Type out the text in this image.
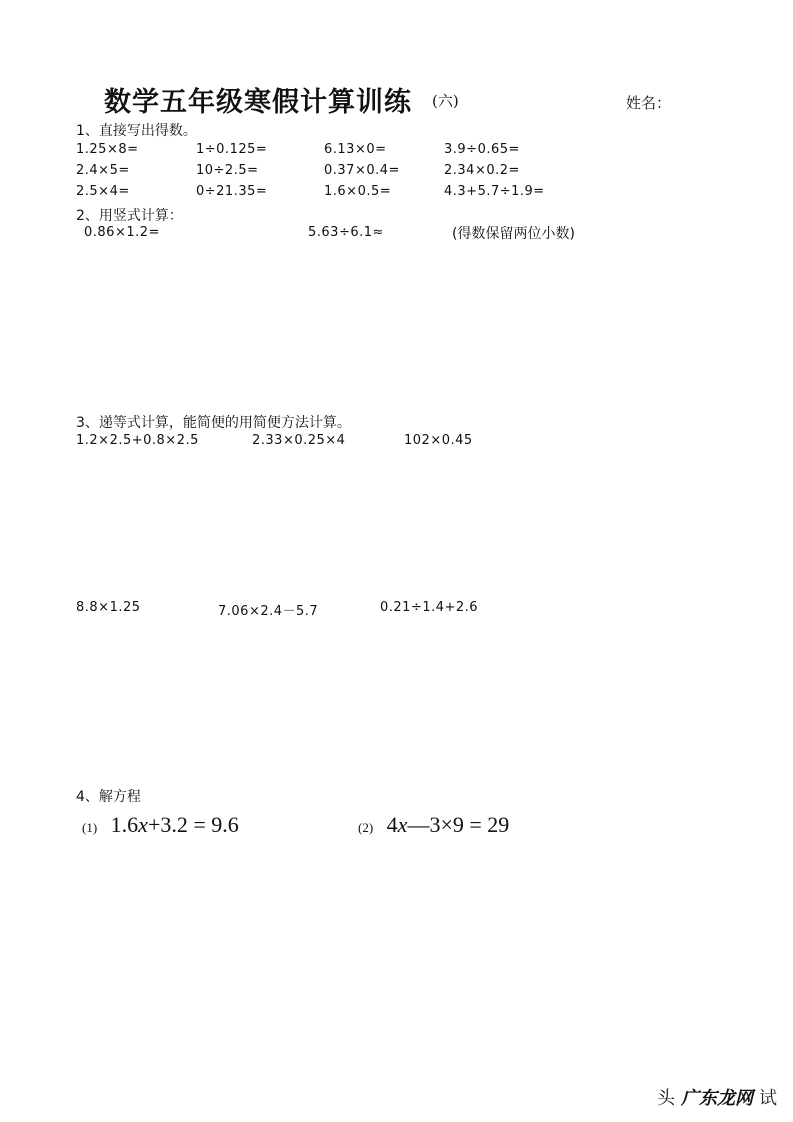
数学五年级寒假计算训练 (六)	姓名：
1、直接写出得数。
1.25×8=	1÷0.125=	6.13×0=	3.9÷0.65=
2.4×5=	10÷2.5=	0.37×0.4=	2.34×0.2=
2.5×4=	0÷21.35=	1.6×0.5=	4.3+5.7÷1.9=
2、用竖式计算：
0.86×1.2=	5.63÷6.1≈	(得数保留两位小数)
3、递等式计算，能简便的用简便方法计算。
1.2×2.5+0.8×2.5	2.33×0.25×4	102×0.45
8.8×1.25	7.06×2.4－5.7	0.21÷1.4+2.6
4、解方程
(1) 1.6x+3.2 = 9.6	(2) 4x—3×9 = 29
头 广东龙网 试
